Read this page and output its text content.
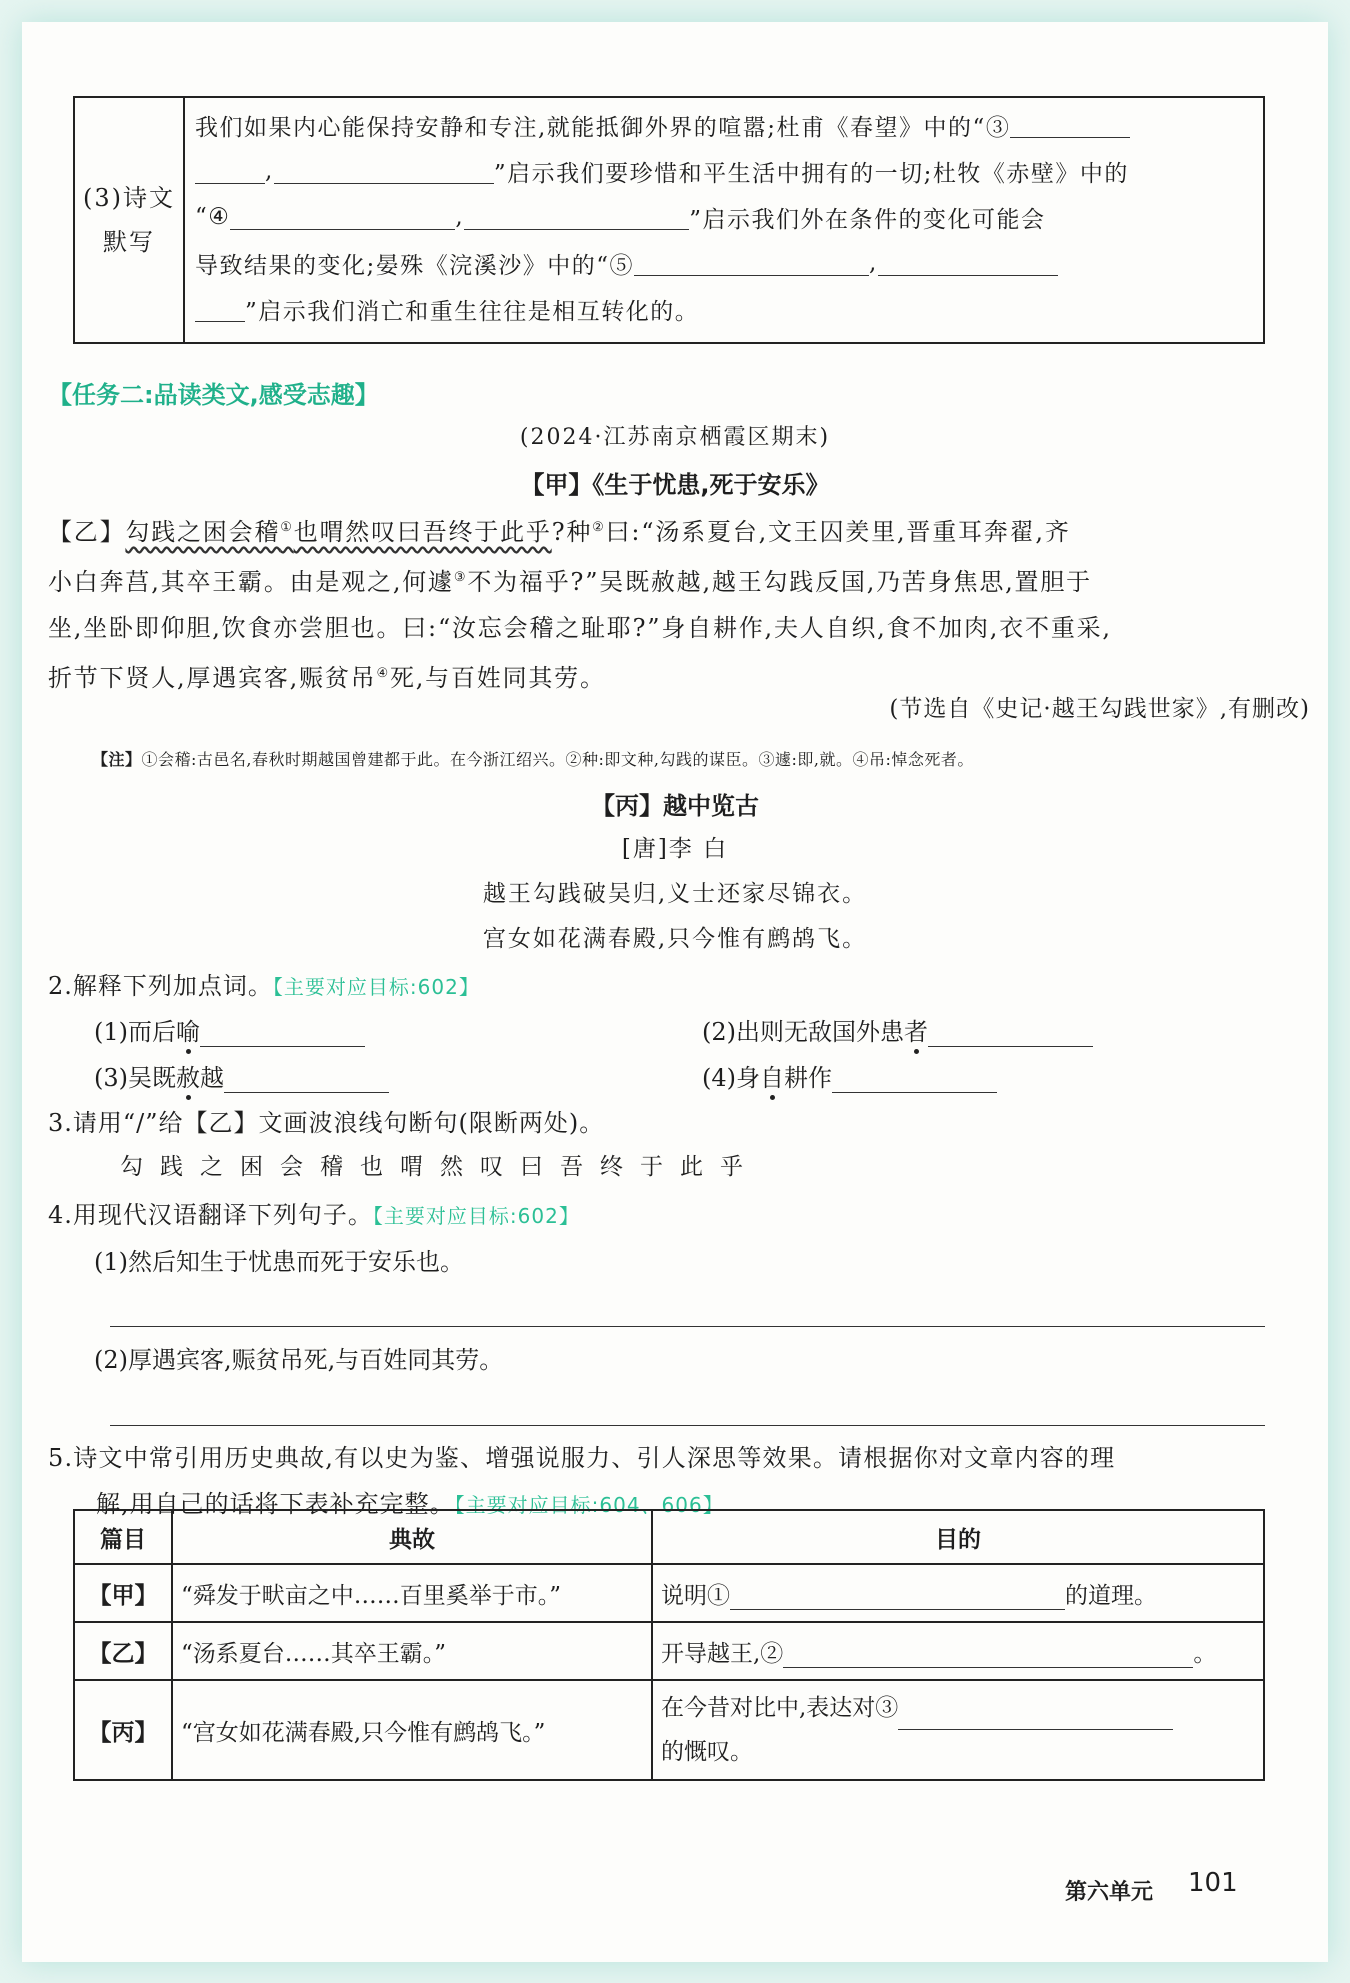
(3)诗文
默写
我们如果内心能保持安静和专注,就能抵御外界的喧嚣;杜甫《春望》中的“③
,	”启示我们要珍惜和平生活中拥有的一切;杜牧《赤壁》中的
“④	,	”启示我们外在条件的变化可能会
导致结果的变化;晏殊《浣溪沙》中的“⑤	,
”启示我们消亡和重生往往是相互转化的。
【任务二:品读类文,感受志趣】
(2024·江苏南京栖霞区期末)
【甲】《生于忧患,死于安乐》

【乙】勾践之困会稽①也喟然叹曰吾终于此乎?种②曰:“汤系夏台,文王囚羑里,晋重耳奔翟,齐

小白奔莒,其卒王霸。由是观之,何遽③不为福乎?”吴既赦越,越王勾践反国,乃苦身焦思,置胆于

坐,坐卧即仰胆,饮食亦尝胆也。曰:“汝忘会稽之耻耶?”身自耕作,夫人自织,食不加肉,衣不重采,

折节下贤人,厚遇宾客,赈贫吊④死,与百姓同其劳。

(节选自《史记·越王勾践世家》,有删改)
【注】①会稽:古邑名,春秋时期越国曾建都于此。在今浙江绍兴。②种:即文种,勾践的谋臣。③遽:即,就。④吊:悼念死者。
【丙】越中览古
[唐]李 白
越王勾践破吴归,义士还家尽锦衣。
宫女如花满春殿,只今惟有鹧鸪飞。
2.解释下列加点词。【主要对应目标:602】
(1)而后喻	(2)出则无敌国外患者
(3)吴既赦越	(4)身自耕作
3.请用“/”给【乙】文画波浪线句断句(限断两处)。
勾践之困会稽也喟然叹曰吾终于此乎
4.用现代汉语翻译下列句子。【主要对应目标:602】
(1)然后知生于忧患而死于安乐也。
(2)厚遇宾客,赈贫吊死,与百姓同其劳。
5.诗文中常引用历史典故,有以史为鉴、增强说服力、引人深思等效果。请根据你对文章内容的理
解,用自己的话将下表补充完整。【主要对应目标:604、606】
篇目	典故	目的
【甲】	“舜发于畎亩之中……百里奚举于市。”	说明① 的道理。
【乙】	“汤系夏台……其卒王霸。”	开导越王,② 。
【丙】	“宫女如花满春殿,只今惟有鹧鸪飞。”	在今昔对比中,表达对③
的慨叹。
第六单元 101
